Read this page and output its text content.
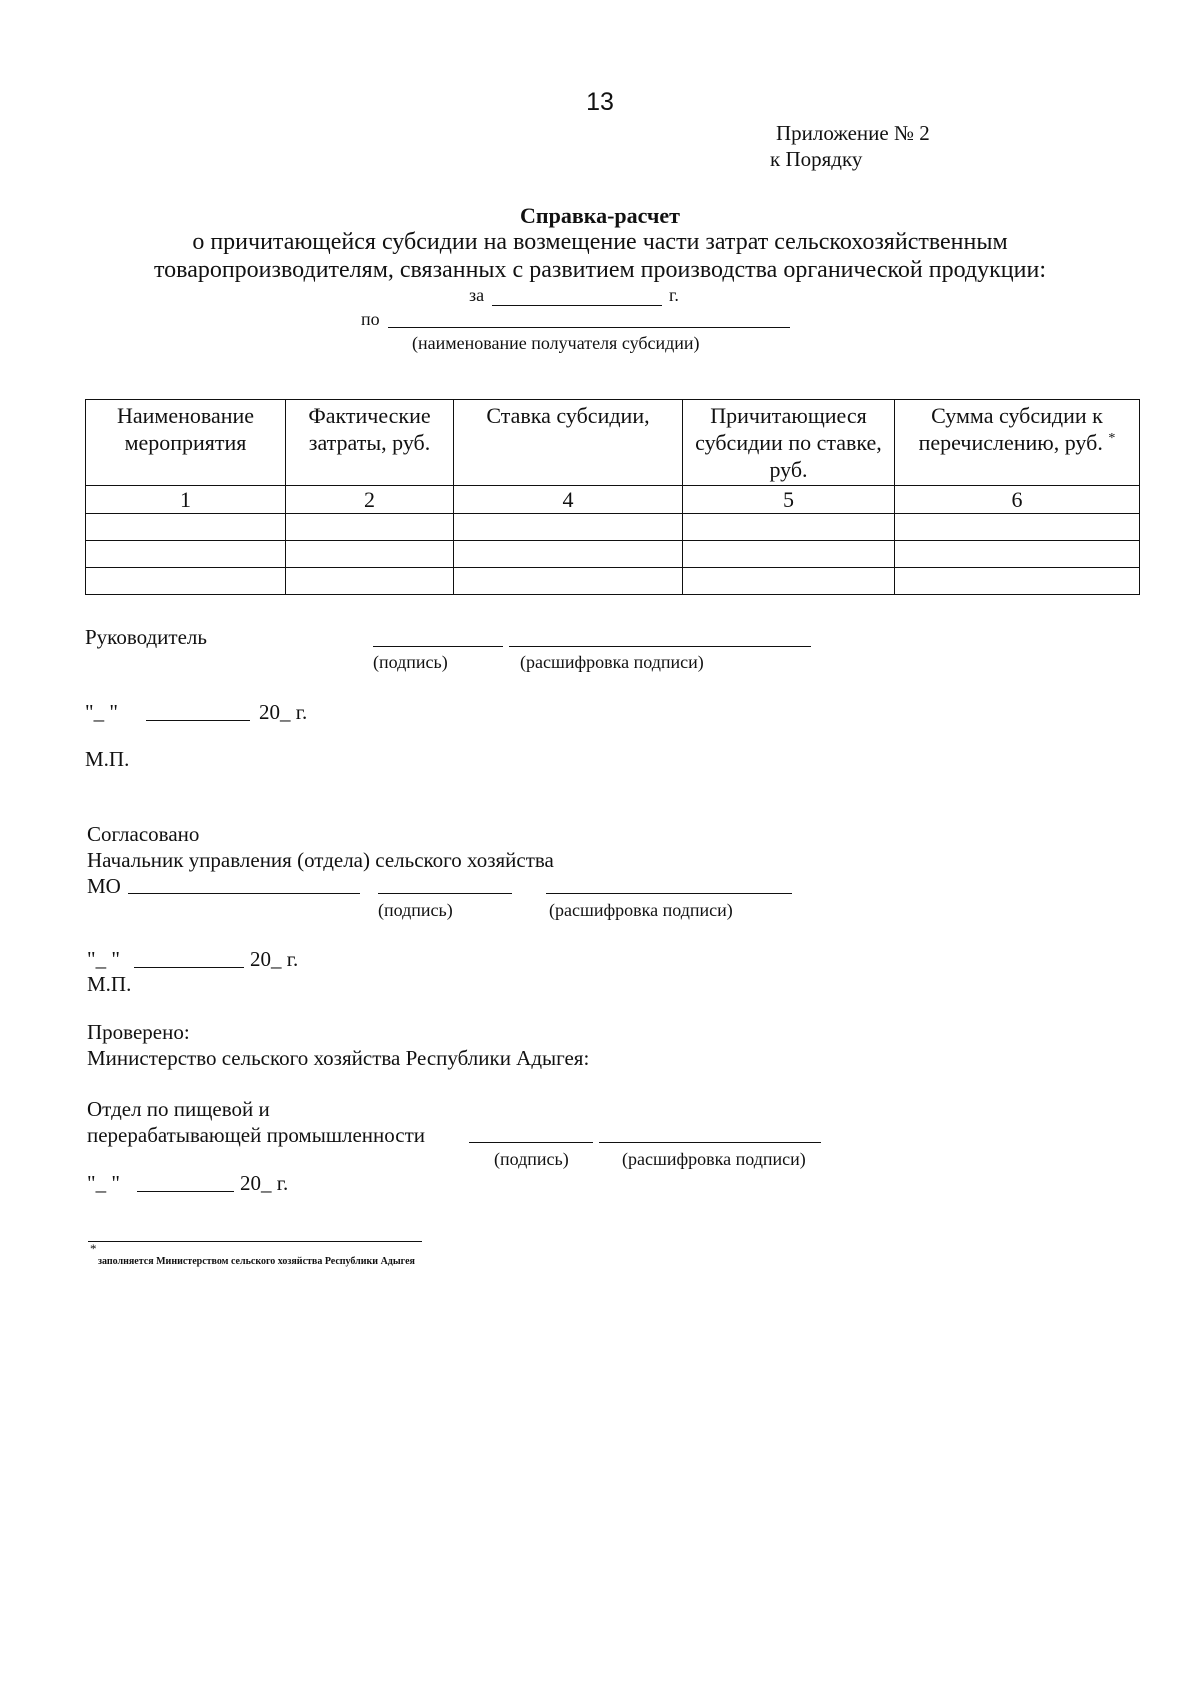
13
Приложение № 2
к Порядку
Справка-расчет
о причитающейся субсидии на возмещение части затрат сельскохозяйственным
товаропроизводителям, связанных с развитием производства органической продукции:
за	г.
по
(наименование получателя субсидии)
Наименование мероприятия	Фактические затраты, руб.	Ставка субсидии,	Причитающиеся субсидии по ставке, руб.	Сумма субсидии к перечислению, руб. *
1	2	4	5	6

Руководитель
(подпись)	(расшифровка подписи)
"_ "	20_ г.
М.П.
Согласовано
Начальник управления (отдела) сельского хозяйства
МО
(подпись)	(расшифровка подписи)
"_ "	20_ г.
М.П.
Проверено:
Министерство сельского хозяйства Республики Адыгея:
Отдел по пищевой и
перерабатывающей промышленности
(подпись)	(расшифровка подписи)
"_ "	20_ г.
*
заполняется Министерством сельского хозяйства Республики Адыгея
